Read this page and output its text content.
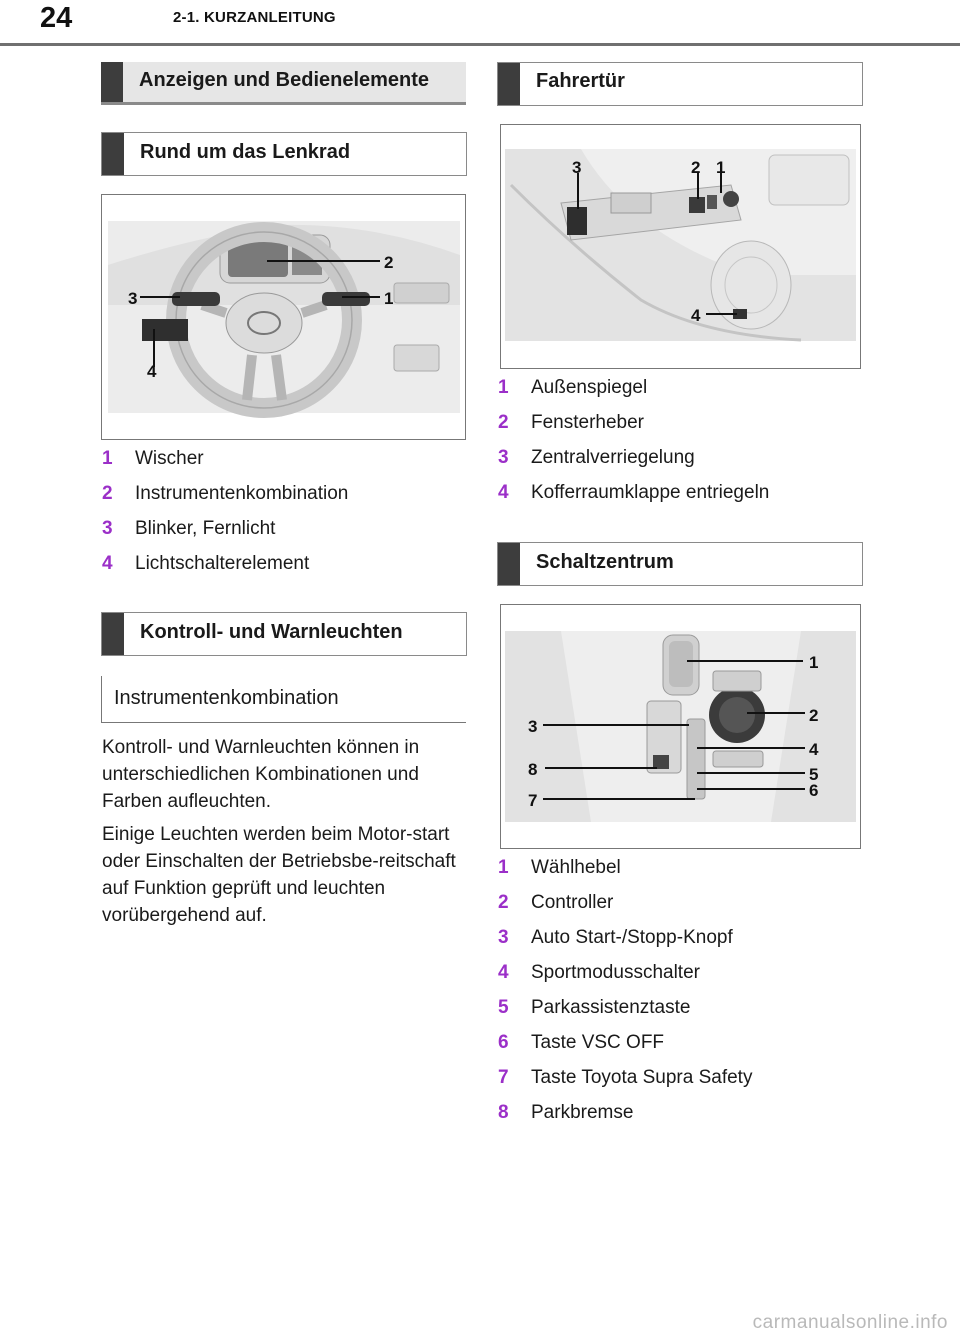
24	2-1. KURZANLEITUNG
Anzeigen und Bedienelemente
Rund um das Lenkrad
2
1
3
4
1 Wischer
2 Instrumentenkombination
3 Blinker, Fernlicht
4 Lichtschalterelement
Kontroll- und Warnleuchten
Instrumentenkombination

Kontroll- und Warnleuchten können in unterschiedlichen Kombinationen und Farben aufleuchten.

Einige Leuchten werden beim Motor-start oder Einschalten der Betriebsbe-reitschaft auf Funktion geprüft und leuchten vorübergehend auf.

Fahrertür
3	2 1
4
1 Außenspiegel
2 Fensterheber
3 Zentralverriegelung
4 Kofferraumklappe entriegeln
Schaltzentrum
1
2
3
4
5
6
7
8
1 Wählhebel
2 Controller
3 Auto Start-/Stopp-Knopf
4 Sportmodusschalter
5 Parkassistenztaste
6 Taste VSC OFF
7 Taste Toyota Supra Safety
8 Parkbremse
carmanualsonline.info
